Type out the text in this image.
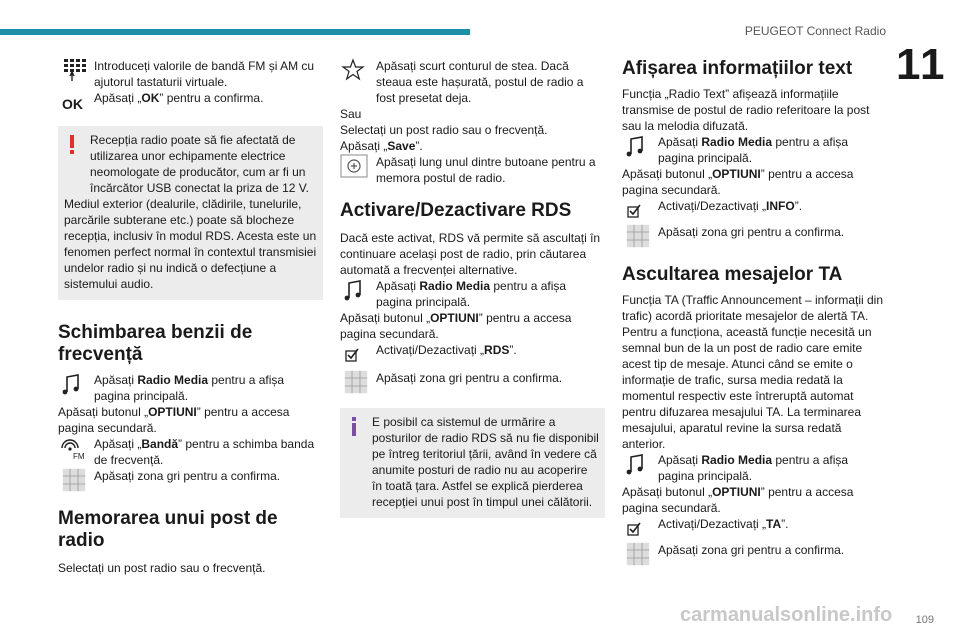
PEUGEOT Connect Radio
11
Introduceți valorile de bandă FM și AM cu ajutorul tastaturii virtuale.
OK Apăsați „OK” pentru a confirma.
Recepția radio poate să fie afectată de utilizarea unor echipamente electrice neomologate de producător, cum ar fi un încărcător USB conectat la priza de 12 V.

Mediul exterior (dealurile, clădirile, tunelurile, parcările subterane etc.) poate să blocheze recepția, inclusiv în modul RDS. Acesta este un fenomen perfect normal în contextul transmisiei undelor radio și nu indică o defecțiune a sistemului audio.

Schimbarea benzii de frecvență
Apăsați Radio Media pentru a afișa pagina principală.

Apăsați butonul „OPTIUNI” pentru a accesa pagina secundară.

FM
Apăsați „Bandă” pentru a schimba banda de frecvență.
Apăsați zona gri pentru a confirma.
Memorarea unui post de radio

Selectați un post radio sau o frecvență.

Apăsați scurt conturul de stea. Dacă steaua este hașurată, postul de radio a fost presetat deja.

Sau

Selectați un post radio sau o frecvență.

Apăsați „Save”.

Apăsați lung unul dintre butoane pentru a memora postul de radio.
Activare/Dezactivare RDS

Dacă este activat, RDS vă permite să ascultați în continuare același post de radio, prin căutarea automată a frecvenței alternative.

Apăsați Radio Media pentru a afișa pagina principală.

Apăsați butonul „OPTIUNI” pentru a accesa pagina secundară.

Activați/Dezactivați „RDS”.
Apăsați zona gri pentru a confirma.
E posibil ca sistemul de urmărire a posturilor de radio RDS să nu fie disponibil pe întreg teritoriul țării, având în vedere că anumite posturi de radio nu au acoperire în toată țara. Astfel se explică pierderea recepției unui post în timpul unei călătorii.
Afișarea informațiilor text

Funcția „Radio Text” afișează informațiile transmise de postul de radio referitoare la post sau la melodia difuzată.

Apăsați Radio Media pentru a afișa pagina principală.

Apăsați butonul „OPTIUNI” pentru a accesa pagina secundară.

Activați/Dezactivați „INFO”.
Apăsați zona gri pentru a confirma.
Ascultarea mesajelor TA

Funcția TA (Traffic Announcement – informații din trafic) acordă prioritate mesajelor de alertă TA. Pentru a funcționa, această funcție necesită un semnal bun de la un post de radio care emite acest tip de mesaje. Atunci când se emite o informație de trafic, sursa media redată la momentul respectiv este întreruptă automat pentru difuzarea mesajului TA. La terminarea mesajului, aparatul revine la sursa redată anterior.

Apăsați Radio Media pentru a afișa pagina principală.

Apăsați butonul „OPTIUNI” pentru a accesa pagina secundară.

Activați/Dezactivați „TA”.
Apăsați zona gri pentru a confirma.
carmanualsonline.info 109
